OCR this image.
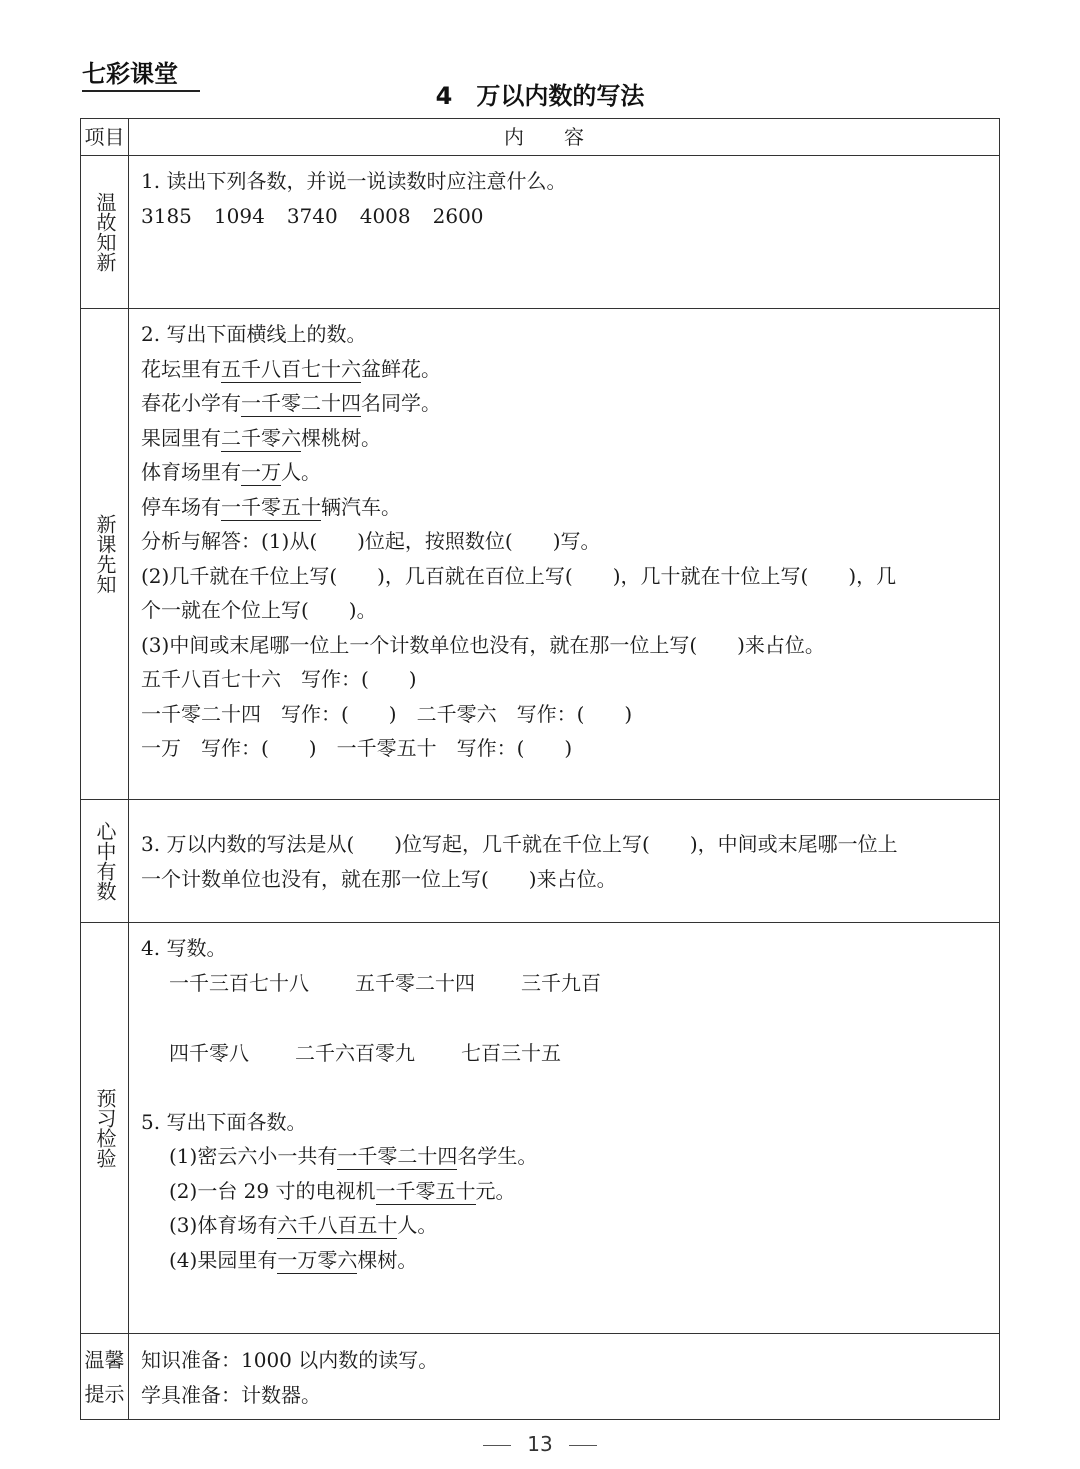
七彩课堂
4　万以内数的写法
项目	内容
温故知新
1. 读出下列各数，并说一说读数时应注意什么。
3185 1094 3740 4008 2600
新课先知
2. 写出下面横线上的数。
花坛里有五千八百七十六盆鲜花。
春花小学有一千零二十四名同学。
果园里有二千零六棵桃树。
体育场里有一万人。
停车场有一千零五十辆汽车。
分析与解答：(1)从(　　)位起，按照数位(　　)写。
(2)几千就在千位上写(　　)，几百就在百位上写(　　)，几十就在十位上写(　　)，几
个一就在个位上写(　　)。
(3)中间或末尾哪一位上一个计数单位也没有，就在那一位上写(　　)来占位。
五千八百七十六　写作：(　　)
一千零二十四　写作：(　　)　二千零六　写作：(　　)
一万　写作：(　　)　一千零五十　写作：(　　)
心中有数	3. 万以内数的写法是从(　　)位写起，几千就在千位上写(　　)，中间或末尾哪一位上
一个计数单位也没有，就在那一位上写(　　)来占位。
预习检验
4. 写数。
一千三百七十八 五千零二十四 三千九百
四千零八 二千六百零九 七百三十五
5. 写出下面各数。
(1)密云六小一共有一千零二十四名学生。
(2)一台 29 寸的电视机一千零五十元。
(3)体育场有六千八百五十人。
(4)果园里有一万零六棵树。
温馨
提示
知识准备：1000 以内数的读写。
学具准备：计数器。
13
